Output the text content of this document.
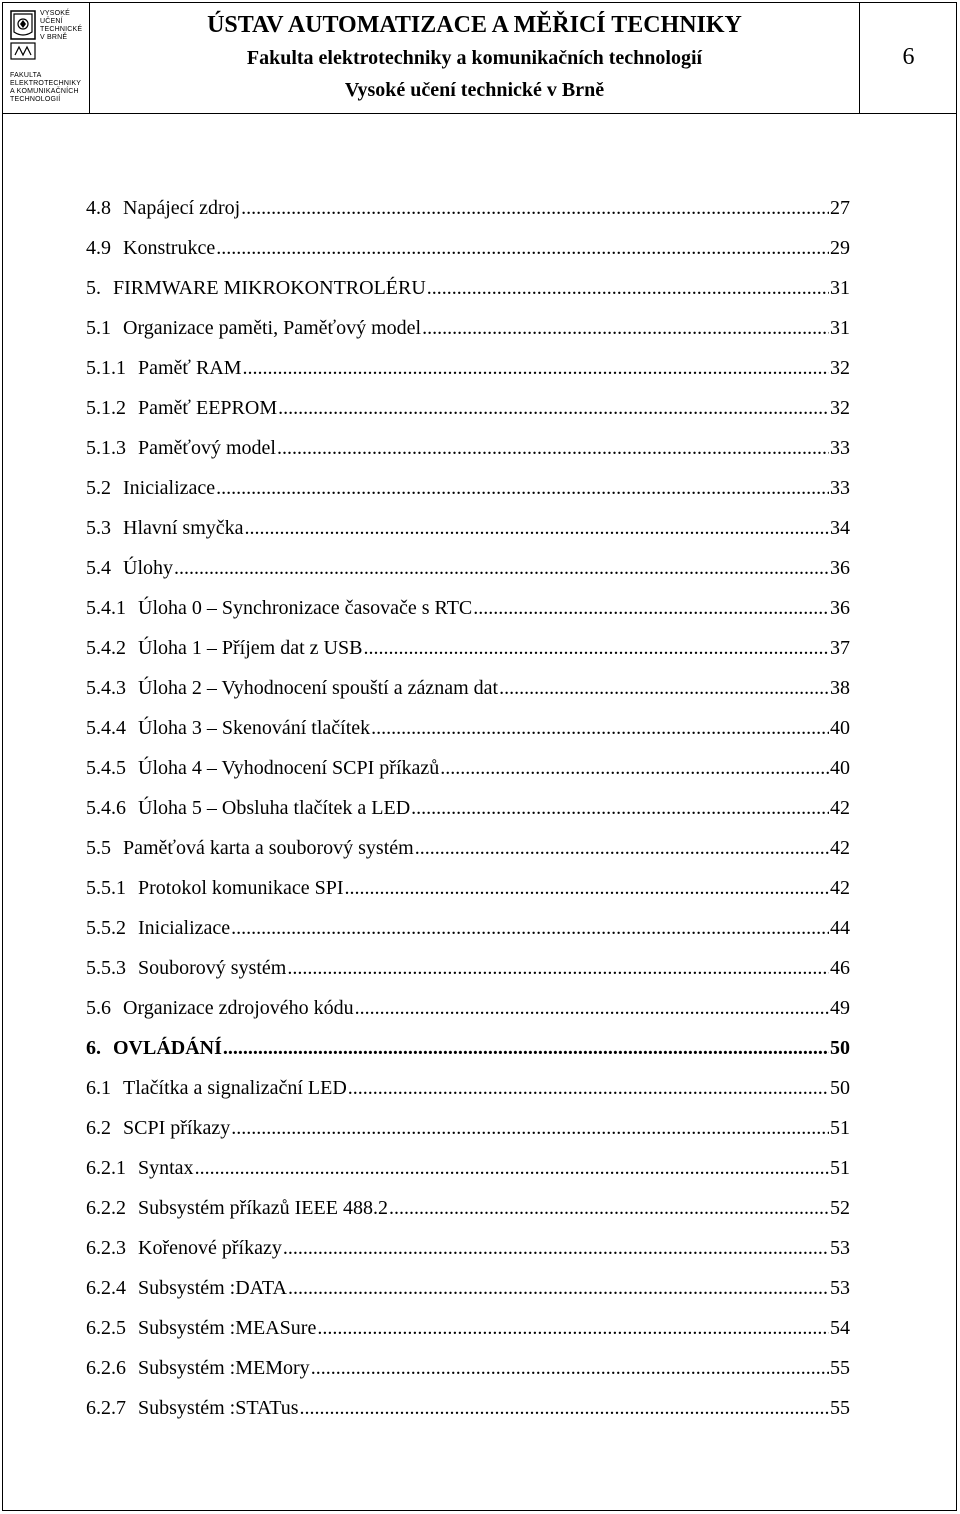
VYSOKÉ
UČENÍ
TECHNICKÉ
V BRNĚ
FAKULTA
ELEKTROTECHNIKY
A KOMUNIKAČNÍCH
TECHNOLOGIÍ
ÚSTAV AUTOMATIZACE A MĚŘICÍ TECHNIKY
Fakulta elektrotechniky a komunikačních technologií
Vysoké učení technické v Brně
6
4.8 Napájecí zdroj .....	27
4.9 Konstrukce .....	29
5. FIRMWARE MIKROKONTROLÉRU .....	31
5.1 Organizace paměti, Paměťový model .....	31
5.1.1 Paměť RAM .....	32
5.1.2 Paměť EEPROM .....	32
5.1.3 Paměťový model .....	33
5.2 Inicializace .....	33
5.3 Hlavní smyčka .....	34
5.4 Úlohy .....	36
5.4.1 Úloha 0 – Synchronizace časovače s RTC .....	36
5.4.2 Úloha 1 – Příjem dat z USB .....	37
5.4.3 Úloha 2 – Vyhodnocení spouští a záznam dat .....	38
5.4.4 Úloha 3 – Skenování tlačítek .....	40
5.4.5 Úloha 4 – Vyhodnocení SCPI příkazů .....	40
5.4.6 Úloha 5 – Obsluha tlačítek a LED .....	42
5.5 Paměťová karta a souborový systém .....	42
5.5.1 Protokol komunikace SPI .....	42
5.5.2 Inicializace .....	44
5.5.3 Souborový systém .....	46
5.6 Organizace zdrojového kódu .....	49
6. OVLÁDÁNÍ .....	50
6.1 Tlačítka a signalizační LED .....	50
6.2 SCPI příkazy .....	51
6.2.1 Syntax .....	51
6.2.2 Subsystém příkazů IEEE 488.2 .....	52
6.2.3 Kořenové příkazy .....	53
6.2.4 Subsystém :DATA .....	53
6.2.5 Subsystém :MEASure .....	54
6.2.6 Subsystém :MEMory .....	55
6.2.7 Subsystém :STATus .....	55
